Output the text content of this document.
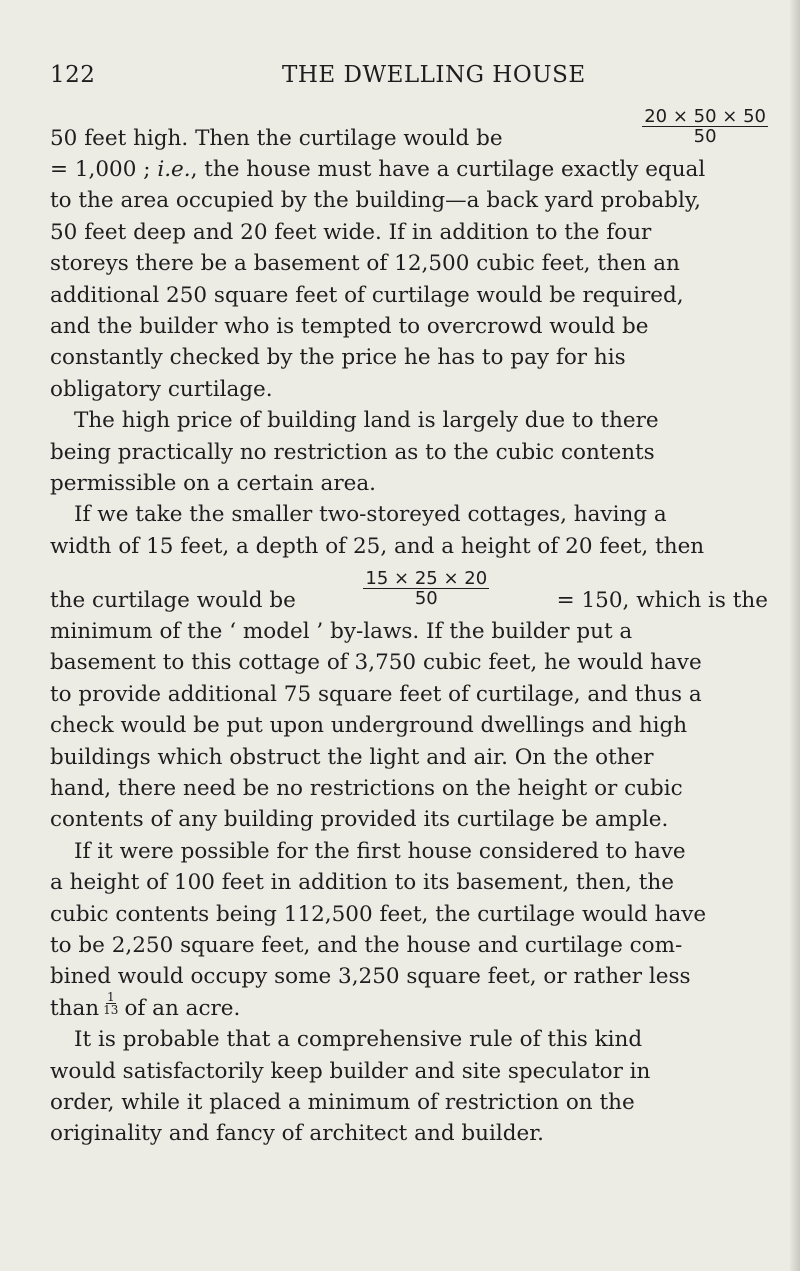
122	THE DWELLING HOUSE
50 feet high. Then the curtilage would be	$\frac{20 \times 50 \times 50}{50}$
= 1,000 ; i.e., the house must have a curtilage exactly equal
to the area occupied by the building—a back yard probably,
50 feet deep and 20 feet wide. If in addition to the four
storeys there be a basement of 12,500 cubic feet, then an
additional 250 square feet of curtilage would be required,
and the builder who is tempted to overcrowd would be
constantly checked by the price he has to pay for his
obligatory curtilage.
The high price of building land is largely due to there
being practically no restriction as to the cubic contents
permissible on a certain area.
If we take the smaller two-storeyed cottages, having a
width of 15 feet, a depth of 25, and a height of 20 feet, then
the curtilage would be	$\frac{15 \times 25 \times 20}{50}$	= 150, which is the
minimum of the ‘ model ’ by-laws. If the builder put a
basement to this cottage of 3,750 cubic feet, he would have
to provide additional 75 square feet of curtilage, and thus a
check would be put upon underground dwellings and high
buildings which obstruct the light and air. On the other
hand, there need be no restrictions on the height or cubic
contents of any building provided its curtilage be ample.
If it were possible for the first house considered to have
a height of 100 feet in addition to its basement, then, the
cubic contents being 112,500 feet, the curtilage would have
to be 2,250 square feet, and the house and curtilage com-
bined would occupy some 3,250 square feet, or rather less
than $\frac{1}{13}$ of an acre.
It is probable that a comprehensive rule of this kind
would satisfactorily keep builder and site speculator in
order, while it placed a minimum of restriction on the
originality and fancy of architect and builder.
